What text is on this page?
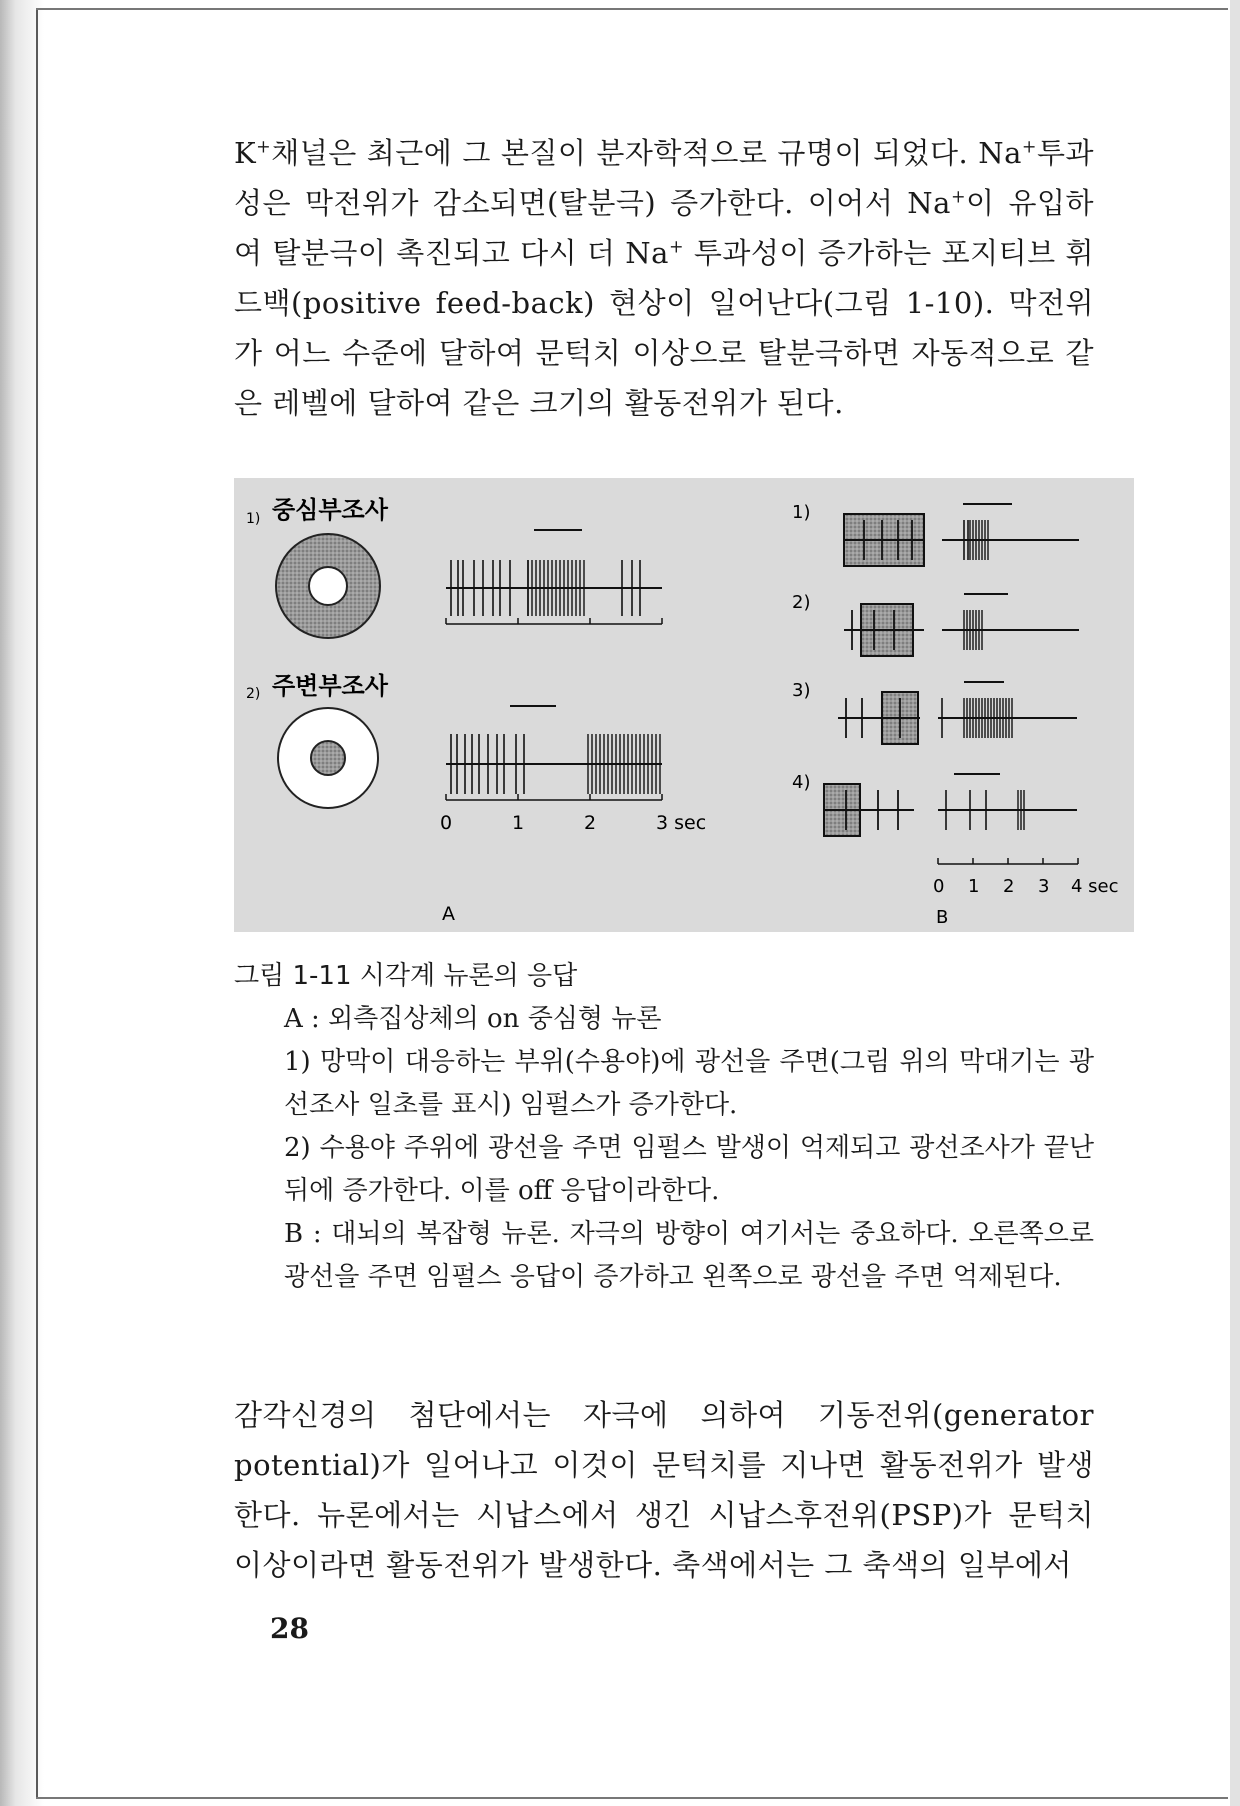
K+채널은 최근에 그 본질이 분자학적으로 규명이 되었다. Na+투과성은 막전위가 감소되면(탈분극) 증가한다. 이어서 Na+이 유입하여 탈분극이 촉진되고 다시 더 Na+ 투과성이 증가하는 포지티브 휘드백(positive feed-back) 현상이 일어난다(그림 1-10). 막전위가 어느 수준에 달하여 문턱치 이상으로 탈분극하면 자동적으로 같은 레벨에 달하여 같은 크기의 활동전위가 된다.

1) 중심부조사
2) 주변부조사
0	1	2	3 sec
A
1)
2)
3)
4)
0 1 2 3 4 sec
B

그림 1-11 시각계 뉴론의 응답

A : 외측집상체의 on 중심형 뉴론

1) 망막이 대응하는 부위(수용야)에 광선을 주면(그림 위의 막대기는 광선조사 일초를 표시) 임펄스가 증가한다.

2) 수용야 주위에 광선을 주면 임펄스 발생이 억제되고 광선조사가 끝난뒤에 증가한다. 이를 off 응답이라한다.

B : 대뇌의 복잡형 뉴론. 자극의 방향이 여기서는 중요하다. 오른쪽으로 광선을 주면 임펄스 응답이 증가하고 왼쪽으로 광선을 주면 억제된다.

감각신경의 첨단에서는 자극에 의하여 기동전위(generator potential)가 일어나고 이것이 문턱치를 지나면 활동전위가 발생한다. 뉴론에서는 시납스에서 생긴 시납스후전위(PSP)가 문턱치 이상이라면 활동전위가 발생한다. 축색에서는 그 축색의 일부에서

28
